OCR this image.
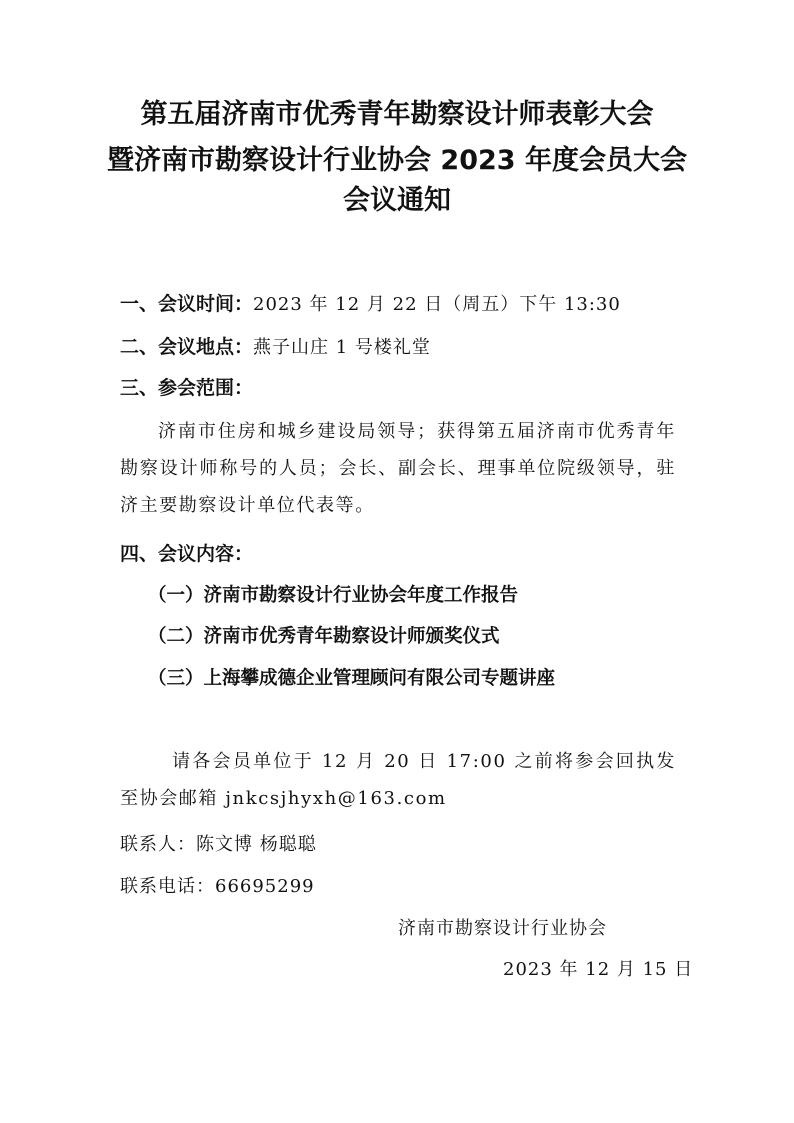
第五届济南市优秀青年勘察设计师表彰大会
暨济南市勘察设计行业协会 2023 年度会员大会
会议通知
一、会议时间：2023 年 12 月 22 日（周五）下午 13:30
二、会议地点：燕子山庄 1 号楼礼堂
三、参会范围：
济南市住房和城乡建设局领导；获得第五届济南市优秀青年勘察设计师称号的人员；会长、副会长、理事单位院级领导，驻济主要勘察设计单位代表等。
四、会议内容：
（一）济南市勘察设计行业协会年度工作报告
（二）济南市优秀青年勘察设计师颁奖仪式
（三）上海攀成德企业管理顾问有限公司专题讲座
请各会员单位于 12 月 20 日 17:00 之前将参会回执发至协会邮箱 jnkcsjhyxh@163.com
联系人：陈文博 杨聪聪
联系电话：66695299
济南市勘察设计行业协会
2023 年 12 月 15 日
